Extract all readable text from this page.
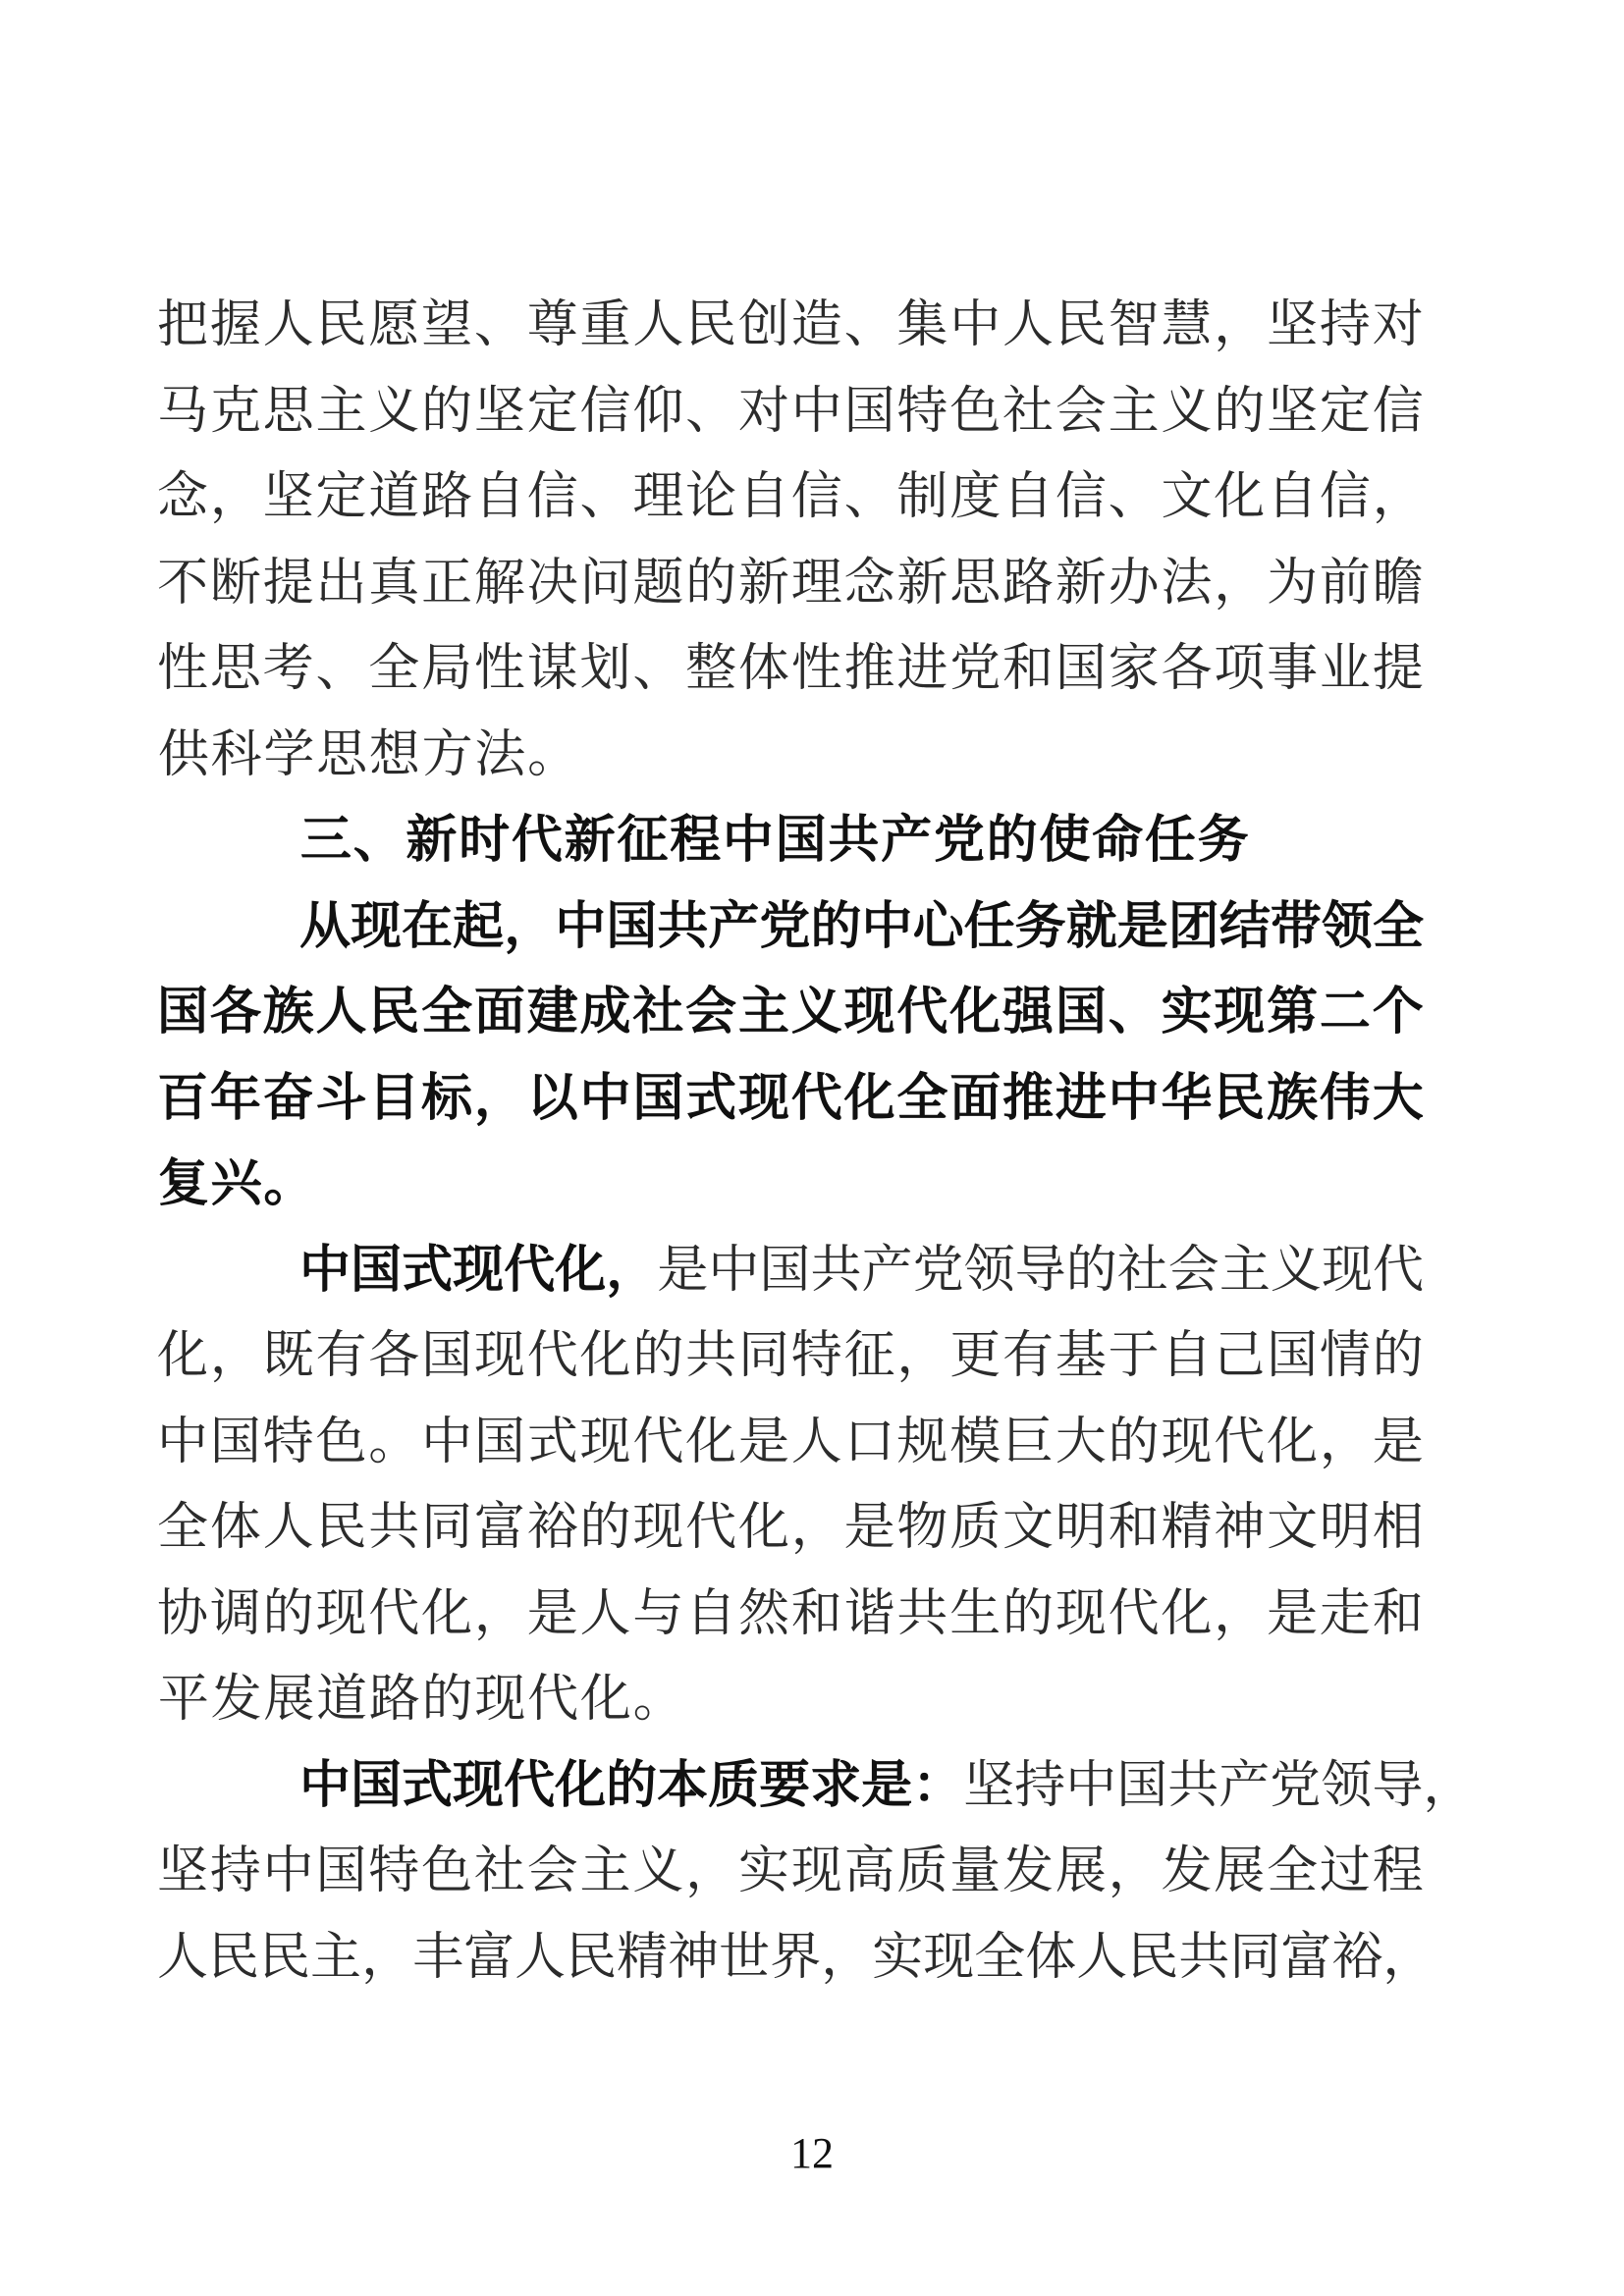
把 握 人 民 愿 望 、 尊 重 人 民 创 造 、 集 中 人 民 智 慧 ， 坚 持 对
马 克 思 主 义 的 坚 定 信 仰 、 对 中 国 特 色 社 会 主 义 的 坚 定 信
念 ， 坚 定 道 路 自 信 、 理 论 自 信 、 制 度 自 信 、 文 化 自 信 ，
不 断 提 出 真 正 解 决 问 题 的 新 理 念 新 思 路 新 办 法 ， 为 前 瞻
性 思 考 、 全 局 性 谋 划 、 整 体 性 推 进 党 和 国 家 各 项 事 业 提
供 科 学 思 想 方 法 。
三 、 新 时 代 新 征 程 中 国 共 产 党 的 使 命 任 务
从 现 在 起 ， 中 国 共 产 党 的 中 心 任 务 就 是 团 结 带 领 全
国 各 族 人 民 全 面 建 成 社 会 主 义 现 代 化 强 国 、 实 现 第 二 个
百 年 奋 斗 目 标 ， 以 中 国 式 现 代 化 全 面 推 进 中 华 民 族 伟 大
复 兴 。
中 国 式 现 代 化 ， 是 中 国 共 产 党 领 导 的 社 会 主 义 现 代
化 ， 既 有 各 国 现 代 化 的 共 同 特 征 ， 更 有 基 于 自 己 国 情 的
中 国 特 色 。 中 国 式 现 代 化 是 人 口 规 模 巨 大 的 现 代 化 ， 是
全 体 人 民 共 同 富 裕 的 现 代 化 ， 是 物 质 文 明 和 精 神 文 明 相
协 调 的 现 代 化 ， 是 人 与 自 然 和 谐 共 生 的 现 代 化 ， 是 走 和
平 发 展 道 路 的 现 代 化 。
中 国 式 现 代 化 的 本 质 要 求 是 ： 坚 持 中 国 共 产 党 领 导 ，
坚 持 中 国 特 色 社 会 主 义 ， 实 现 高 质 量 发 展 ， 发 展 全 过 程
人 民 民 主 ， 丰 富 人 民 精 神 世 界 ， 实 现 全 体 人 民 共 同 富 裕 ，
12
